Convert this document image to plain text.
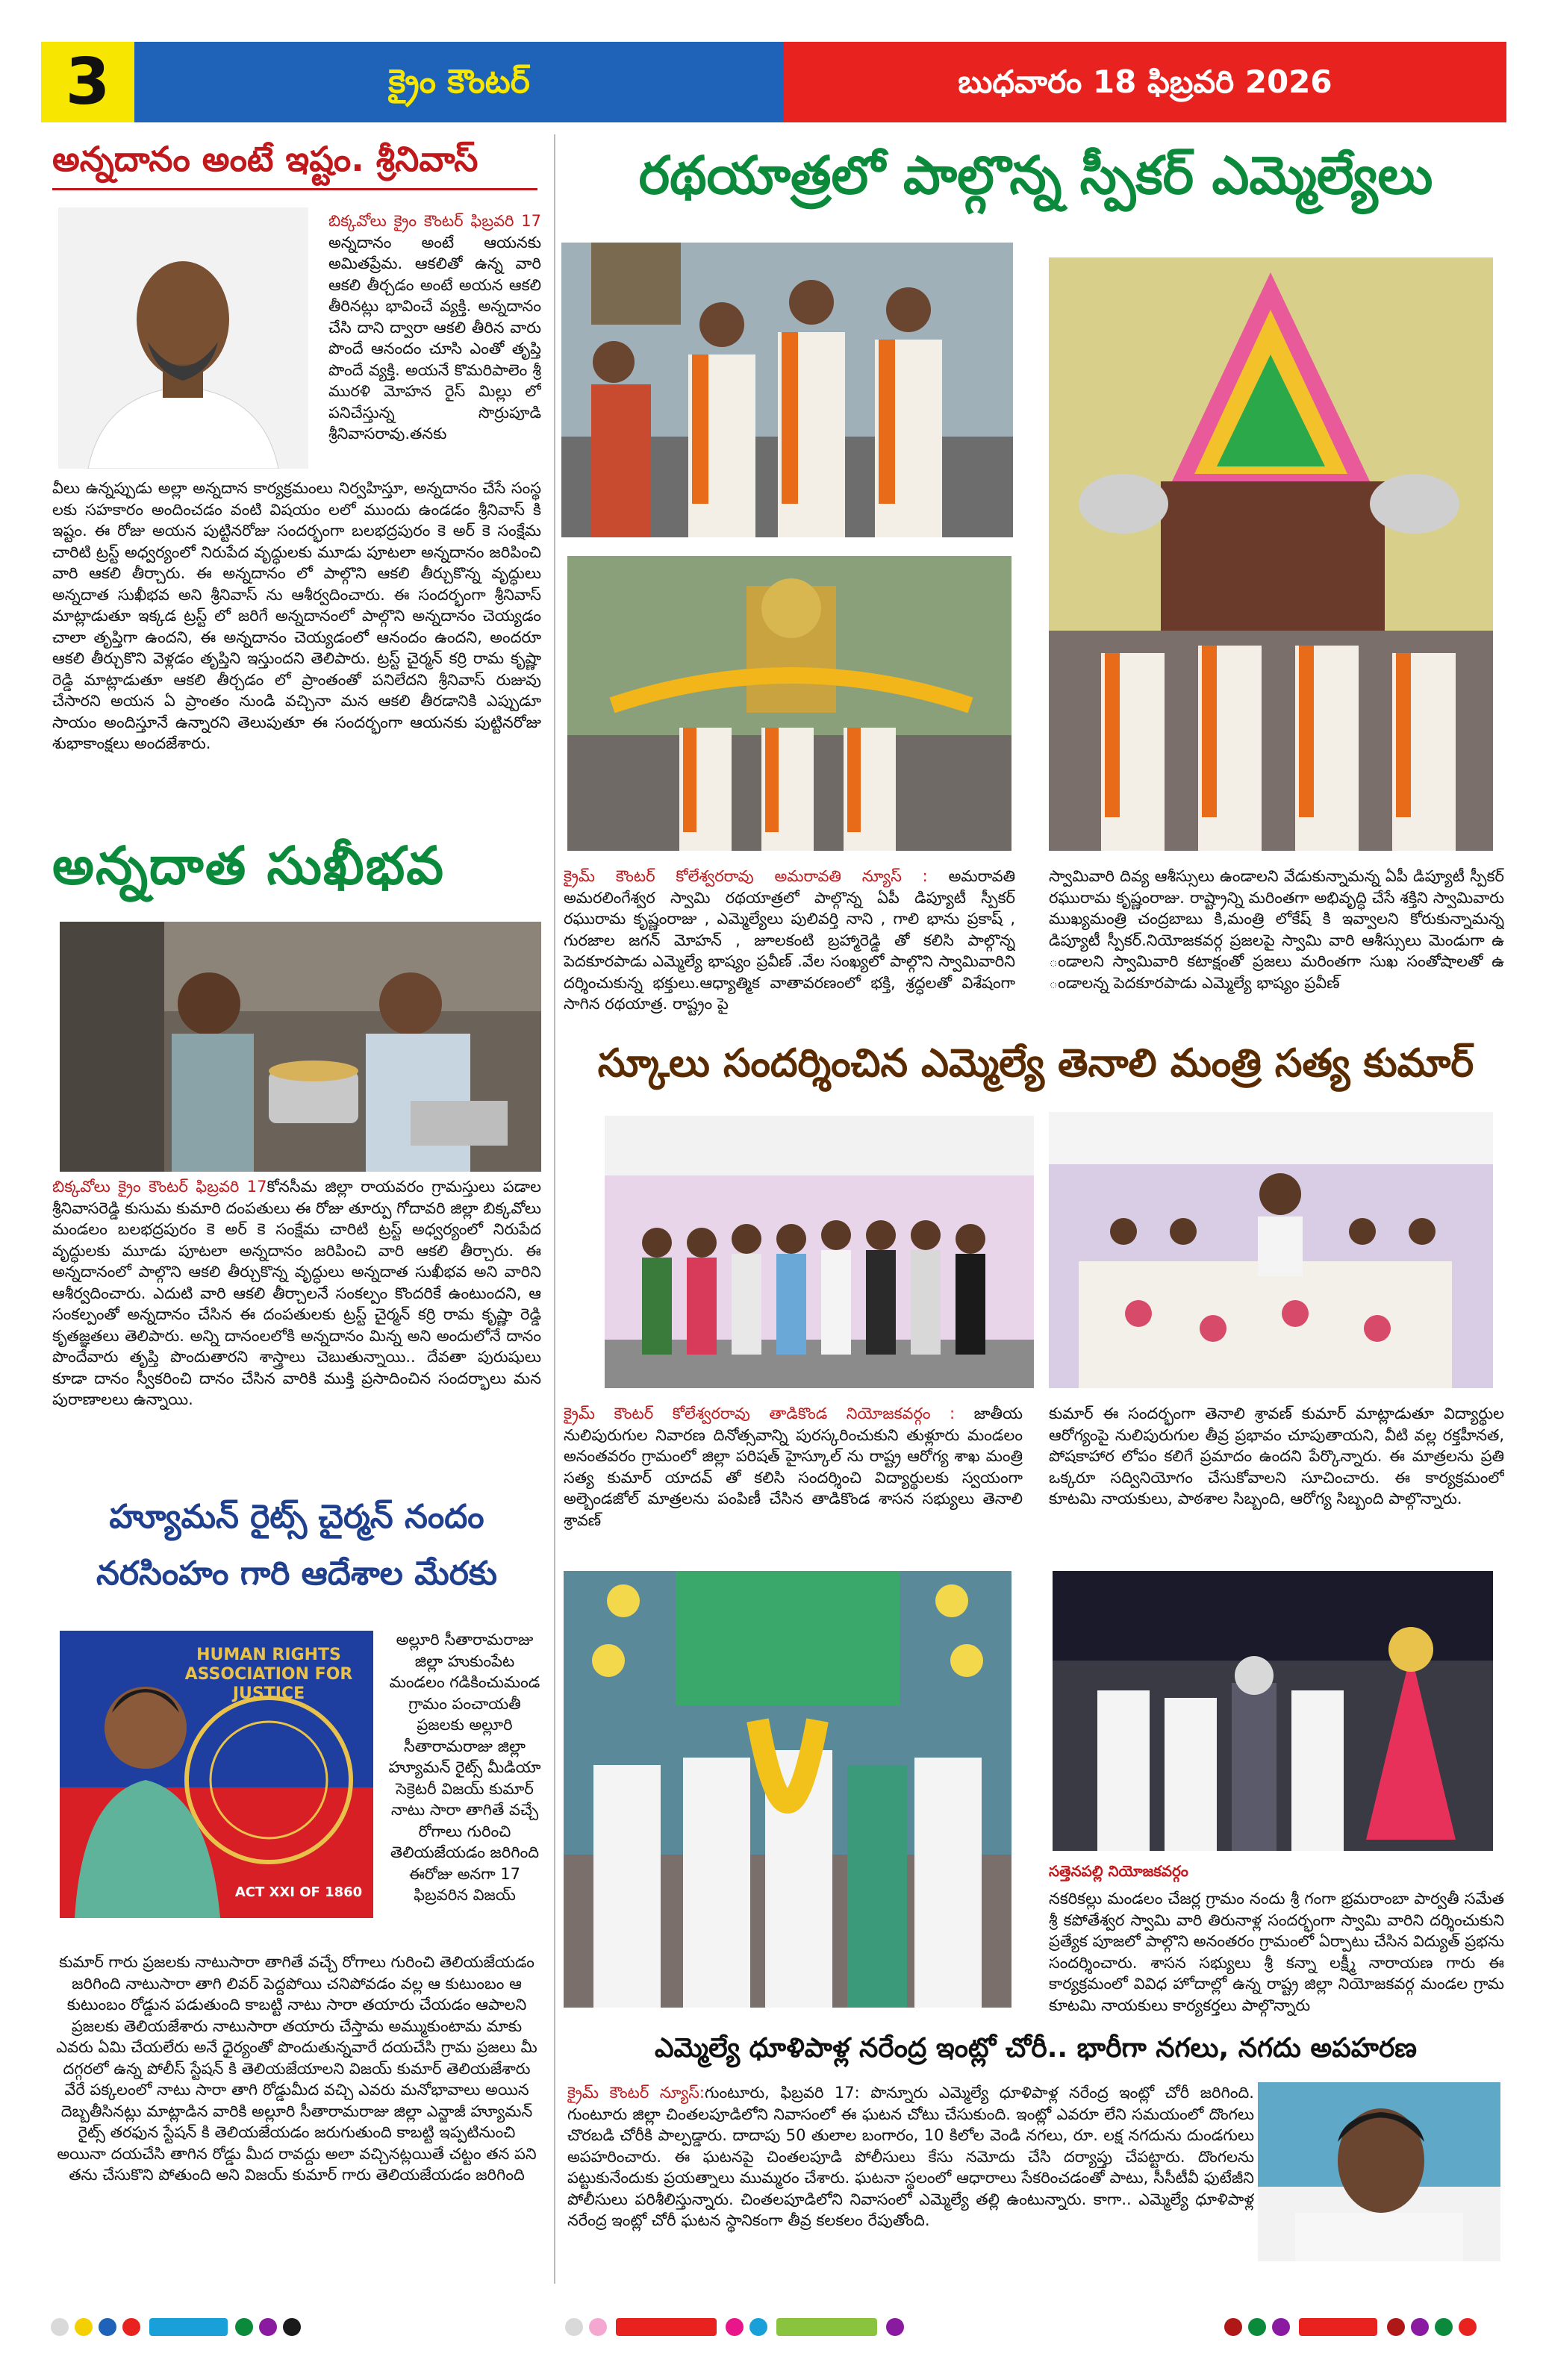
3	క్రైం కౌంటర్	బుధవారం 18 ఫిబ్రవరి 2026
అన్నదానం అంటే ఇష్టం. శ్రీనివాస్
బిక్కవోలు క్రైం కౌంటర్ ఫిబ్రవరి 17 అన్నదానం అంటే ఆయనకు అమితప్రేమ. ఆకలితో ఉన్న వారి ఆకలి తీర్చడం అంటే అయన ఆకలి తీరినట్లు భావించే వ్యక్తి. అన్నదానం చేసి దాని ద్వారా ఆకలి తీరిన వారు పొందే ఆనందం చూసి ఎంతో తృప్తి పొందే వ్యక్తి. అయనే కొమరిపాలెం శ్రీ మురళి మోహన రైస్ మిల్లు లో పనిచేస్తున్న సొర్రుపూడి శ్రీనివాసరావు.తనకు
వీలు ఉన్నప్పుడు అల్లా అన్నదాన కార్యక్రమంలు నిర్వహిస్తూ, అన్నదానం చేసే సంస్థ లకు సహకారం అందించడం వంటి విషయం లలో ముందు ఉండడం శ్రీనివాస్ కి ఇష్టం. ఈ రోజు అయన పుట్టినరోజు సందర్భంగా బలభద్రపురం కె అర్ కె సంక్షేమ చారిటి ట్రస్ట్ అధ్వర్యంలో నిరుపేద వృద్ధులకు మూడు పూటలా అన్నదానం జరిపించి వారి ఆకలి తీర్చారు. ఈ అన్నదానం లో పాల్గొని ఆకలి తీర్చుకొన్న వృద్ధులు అన్నదాత సుఖీభవ అని శ్రీనివాస్ ను ఆశీర్వదించారు. ఈ సందర్భంగా శ్రీనివాస్ మాట్లాడుతూ ఇక్కడ ట్రస్ట్ లో జరిగే అన్నదానంలో పాల్గొని అన్నదానం చెయ్యడం చాలా తృప్తిగా ఉందని, ఈ అన్నదానం చెయ్యడంలో ఆనందం ఉందని, అందరూ ఆకలి తీర్చుకొని వెళ్లడం తృప్తిని ఇస్తుందని తెలిపారు. ట్రస్ట్ చైర్మన్ కర్రి రామ కృష్ణా రెడ్డి మాట్లాడుతూ ఆకలి తీర్చడం లో ప్రాంతంతో పనిలేదని శ్రీనివాస్ రుజువు చేసారని అయన ఏ ప్రాంతం నుండి వచ్చినా మన ఆకలి తీరడానికి ఎప్పుడూ సాయం అందిస్తూనే ఉన్నారని తెలుపుతూ ఈ సందర్భంగా ఆయనకు పుట్టినరోజు శుభాకాంక్షలు అందజేశారు.
అన్నదాత సుఖీభవ
బిక్కవోలు క్రైం కౌంటర్ ఫిబ్రవరి 17కోనసీమ జిల్లా రాయవరం గ్రామస్తులు పడాల శ్రీనివాసరెడ్డి కుసుమ కుమారి దంపతులు ఈ రోజు తూర్పు గోదావరి జిల్లా బిక్కవోలు మండలం బలభద్రపురం కె అర్ కె సంక్షేమ చారిటి ట్రస్ట్ అధ్వర్యంలో నిరుపేద వృద్ధులకు మూడు పూటలా అన్నదానం జరిపించి వారి ఆకలి తీర్చారు. ఈ అన్నదానంలో పాల్గొని ఆకలి తీర్చుకొన్న వృద్ధులు అన్నదాత సుఖీభవ అని వారిని ఆశీర్వదించారు. ఎదుటి వారి ఆకలి తీర్చాలనే సంకల్పం కొందరికే ఉంటుందని, ఆ సంకల్పంతో అన్నదానం చేసిన ఈ దంపతులకు ట్రస్ట్ చైర్మన్ కర్రి రామ కృష్ణా రెడ్డి కృతజ్ఞతలు తెలిపారు. అన్ని దానంలలోకి అన్నదానం మిన్న అని అందులోనే దానం పొందేవారు తృప్తి పొందుతారని శాస్త్రాలు చెబుతున్నాయి.. దేవతా పురుషులు కూడా దానం స్వీకరించి దానం చేసిన వారికి ముక్తి ప్రసాదించిన సందర్భాలు మన పురాణాలలు ఉన్నాయి.
హ్యూమన్ రైట్స్ చైర్మన్ నందం
నరసింహం గారి ఆదేశాల మేరకు
HUMAN RIGHTS ASSOCIATION FOR JUSTICE
ACT XXI OF 1860
అల్లూరి సీతారామరాజు జిల్లా హుకుంపేట మండలం గడికించుమండ గ్రామం పంచాయతీ ప్రజలకు అల్లూరి సీతారామరాజు జిల్లా హ్యూమన్ రైట్స్ మీడియా సెక్రెటరీ విజయ్ కుమార్ నాటు సారా తాగితే వచ్చే రోగాలు గురించి తెలియజేయడం జరిగింది ఈరోజు అనగా 17 ఫిబ్రవరిన విజయ్
కుమార్ గారు ప్రజలకు నాటుసారా తాగితే వచ్చే రోగాలు గురించి తెలియజేయడం జరిగింది నాటుసారా తాగి లివర్ పెద్దపోయి చనిపోవడం వల్ల ఆ కుటుంబం ఆ కుటుంబం రోడ్డున పడుతుంది కాబట్టి నాటు సారా తయారు చేయడం ఆపాలని ప్రజలకు తెలియజేశారు నాటుసారా తయారు చేస్తామ అమ్ముకుంటామ మాకు ఎవరు ఏమి చేయలేరు అనే ధైర్యంతో పొందుతున్నవారే దయచేసి గ్రామ ప్రజలు మీ దగ్గరలో ఉన్న పోలీస్ స్టేషన్ కి తెలియజేయాలని విజయ్ కుమార్ తెలియజేశారు వేరే పక్కలంలో నాటు సారా తాగి రోడ్డుమీద వచ్చి ఎవరు మనోభావాలు అయిన దెబ్బతీసినట్లు మాట్లాడిన వారికి అల్లూరి సీతారామరాజు జిల్లా ఎన్జాజీ హ్యూమన్ రైట్స్ తరఫున స్టేషన్ కి తెలియజేయడం జరుగుతుంది కాబట్టి ఇప్పటినుంచి అయినా దయచేసి తాగిన రోడ్డు మీద రావద్దు అలా వచ్చినట్లయితే చట్టం తన పని తను చేసుకొని పోతుంది అని విజయ్ కుమార్ గారు తెలియజేయడం జరిగింది
రథయాత్రలో పాల్గొన్న స్పీకర్ ఎమ్మెల్యేలు
క్రైమ్ కౌంటర్ కోలేశ్వరరావు అమరావతి న్యూస్ : అమరావతి అమరలింగేశ్వర స్వామి రథయాత్రలో పాల్గొన్న ఏపీ డిప్యూటీ స్పీకర్ రఘురామ కృష్ణంరాజు , ఎమ్మెల్యేలు పులివర్తి నాని , గాలి భాను ప్రకాష్ , గురజాల జగన్ మోహన్ , జూలకంటి బ్రహ్మారెడ్డి తో కలిసి పాల్గొన్న పెదకూరపాడు ఎమ్మెల్యే భాష్యం ప్రవీణ్ .వేల సంఖ్యలో పాల్గొని స్వామివారిని దర్శించుకున్న భక్తులు.ఆధ్యాత్మిక వాతావరణంలో భక్తి, శ్రద్ధలతో విశేషంగా సాగిన రథయాత్ర. రాష్ట్రం పై
స్వామివారి దివ్య ఆశీస్సులు ఉండాలని వేడుకున్నామన్న ఏపీ డిప్యూటీ స్పీకర్ రఘురామ కృష్ణంరాజు. రాష్ట్రాన్ని మరింతగా అభివృద్ధి చేసే శక్తిని స్వామివారు ముఖ్యమంత్రి చంద్రబాబు కి,మంత్రి లోకేష్ కి ఇవ్వాలని కోరుకున్నామన్న డిప్యూటీ స్పీకర్.నియోజకవర్గ ప్రజలపై స్వామి వారి ఆశీస్సులు మెండుగా ఉ ండాలని స్వామివారి కటాక్షంతో ప్రజలు మరింతగా సుఖ సంతోషాలతో ఉ ండాలన్న పెదకూరపాడు ఎమ్మెల్యే భాష్యం ప్రవీణ్
స్కూలు సందర్శించిన ఎమ్మెల్యే తెనాలి మంత్రి సత్య కుమార్
క్రైమ్ కౌంటర్ కోలేశ్వరరావు తాడికొండ నియోజకవర్గం : జాతీయ నులిపురుగుల నివారణ దినోత్సవాన్ని పురస్కరించుకుని తుళ్లూరు మండలం అనంతవరం గ్రామంలో జిల్లా పరిషత్ హైస్కూల్ ను రాష్ట్ర ఆరోగ్య శాఖ మంత్రి సత్య కుమార్ యాదవ్ తో కలిసి సందర్శించి విద్యార్థులకు స్వయంగా అల్బెండజోల్ మాత్రలను పంపిణీ చేసిన తాడికొండ శాసన సభ్యులు తెనాలి శ్రావణ్
కుమార్ ఈ సందర్భంగా తెనాలి శ్రావణ్ కుమార్ మాట్లాడుతూ విద్యార్థుల ఆరోగ్యంపై నులిపురుగుల తీవ్ర ప్రభావం చూపుతాయని, వీటి వల్ల రక్తహీనత, పోషకాహార లోపం కలిగే ప్రమాదం ఉందని పేర్కొన్నారు. ఈ మాత్రలను ప్రతి ఒక్కరూ సద్వినియోగం చేసుకోవాలని సూచించారు. ఈ కార్యక్రమంలో కూటమి నాయకులు, పాఠశాల సిబ్బంది, ఆరోగ్య సిబ్బంది పాల్గొన్నారు.
సత్తెనపల్లి నియోజకవర్గం
నకరికల్లు మండలం చేజర్ల గ్రామం నందు శ్రీ గంగా భ్రమరాంబా పార్వతీ సమేత శ్రీ కపోతేశ్వర స్వామి వారి తిరునాళ్ల సందర్భంగా స్వామి వారిని దర్శించుకుని ప్రత్యేక పూజలో పాల్గొని అనంతరం గ్రామంలో ఏర్పాటు చేసిన విద్యుత్ ప్రభను సందర్శించారు. శాసన సభ్యులు శ్రీ కన్నా లక్ష్మీ నారాయణ గారు ఈ కార్యక్రమంలో వివిధ హోదాల్లో ఉన్న రాష్ట్ర జిల్లా నియోజకవర్గ మండల గ్రామ కూటమి నాయకులు కార్యకర్తలు పాల్గొన్నారు
ఎమ్మెల్యే ధూళిపాళ్ల నరేంద్ర ఇంట్లో చోరీ.. భారీగా నగలు, నగదు అపహరణ
క్రైమ్ కౌంటర్ న్యూస్:గుంటూరు, ఫిబ్రవరి 17: పొన్నూరు ఎమ్మెల్యే ధూళిపాళ్ల నరేంద్ర ఇంట్లో చోరీ జరిగింది. గుంటూరు జిల్లా చింతలపూడిలోని నివాసంలో ఈ ఘటన చోటు చేసుకుంది. ఇంట్లో ఎవరూ లేని సమయంలో దొంగలు చొరబడి చోరీకి పాల్పడ్డారు. దాదాపు 50 తులాల బంగారం, 10 కిలోల వెండి నగలు, రూ. లక్ష నగదును దుండగులు అపహరించారు. ఈ ఘటనపై చింతలపూడి పోలీసులు కేసు నమోదు చేసి దర్యాప్తు చేపట్టారు. దొంగలను పట్టుకునేందుకు ప్రయత్నాలు ముమ్మరం చేశారు. ఘటనా స్థలంలో ఆధారాలు సేకరించడంతో పాటు, సీసీటీవీ ఫుటేజీని పోలీసులు పరిశీలిస్తున్నారు. చింతలపూడిలోని నివాసంలో ఎమ్మెల్యే తల్లి ఉంటున్నారు. కాగా.. ఎమ్మెల్యే ధూళిపాళ్ల నరేంద్ర ఇంట్లో చోరీ ఘటన స్థానికంగా తీవ్ర కలకలం రేపుతోంది.
